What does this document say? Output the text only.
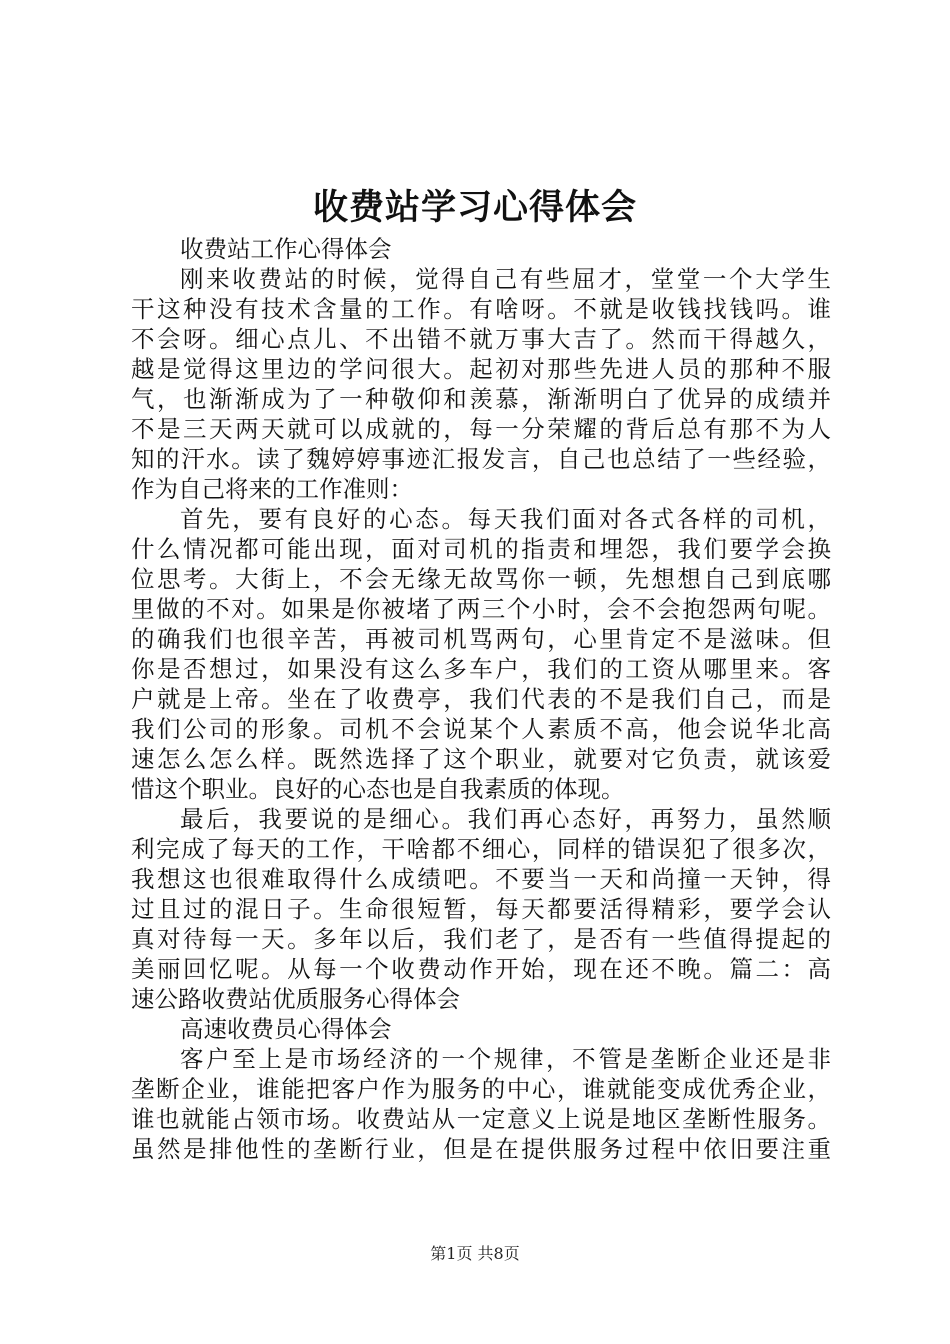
收费站学习心得体会
收费站工作心得体会
刚来收费站的时候，觉得自己有些屈才，堂堂一个大学生
干这种没有技术含量的工作。有啥呀。不就是收钱找钱吗。谁
不会呀。细心点儿、不出错不就万事大吉了。然而干得越久，
越是觉得这里边的学问很大。起初对那些先进人员的那种不服
气，也渐渐成为了一种敬仰和羡慕，渐渐明白了优异的成绩并
不是三天两天就可以成就的，每一分荣耀的背后总有那不为人
知的汗水。读了魏婷婷事迹汇报发言，自己也总结了一些经验，
作为自己将来的工作准则：
首先，要有良好的心态。每天我们面对各式各样的司机，
什么情况都可能出现，面对司机的指责和埋怨，我们要学会换
位思考。大街上，不会无缘无故骂你一顿，先想想自己到底哪
里做的不对。如果是你被堵了两三个小时，会不会抱怨两句呢。
的确我们也很辛苦，再被司机骂两句，心里肯定不是滋味。但
你是否想过，如果没有这么多车户，我们的工资从哪里来。客
户就是上帝。坐在了收费亭，我们代表的不是我们自己，而是
我们公司的形象。司机不会说某个人素质不高，他会说华北高
速怎么怎么样。既然选择了这个职业，就要对它负责，就该爱
惜这个职业。良好的心态也是自我素质的体现。
最后，我要说的是细心。我们再心态好，再努力，虽然顺
利完成了每天的工作，干啥都不细心，同样的错误犯了很多次，
我想这也很难取得什么成绩吧。不要当一天和尚撞一天钟，得
过且过的混日子。生命很短暂，每天都要活得精彩，要学会认
真对待每一天。多年以后，我们老了，是否有一些值得提起的
美丽回忆呢。从每一个收费动作开始，现在还不晚。篇二：高
速公路收费站优质服务心得体会
高速收费员心得体会
客户至上是市场经济的一个规律，不管是垄断企业还是非
垄断企业，谁能把客户作为服务的中心，谁就能变成优秀企业，
谁也就能占领市场。收费站从一定意义上说是地区垄断性服务。
虽然是排他性的垄断行业，但是在提供服务过程中依旧要注重
第1页 共8页
